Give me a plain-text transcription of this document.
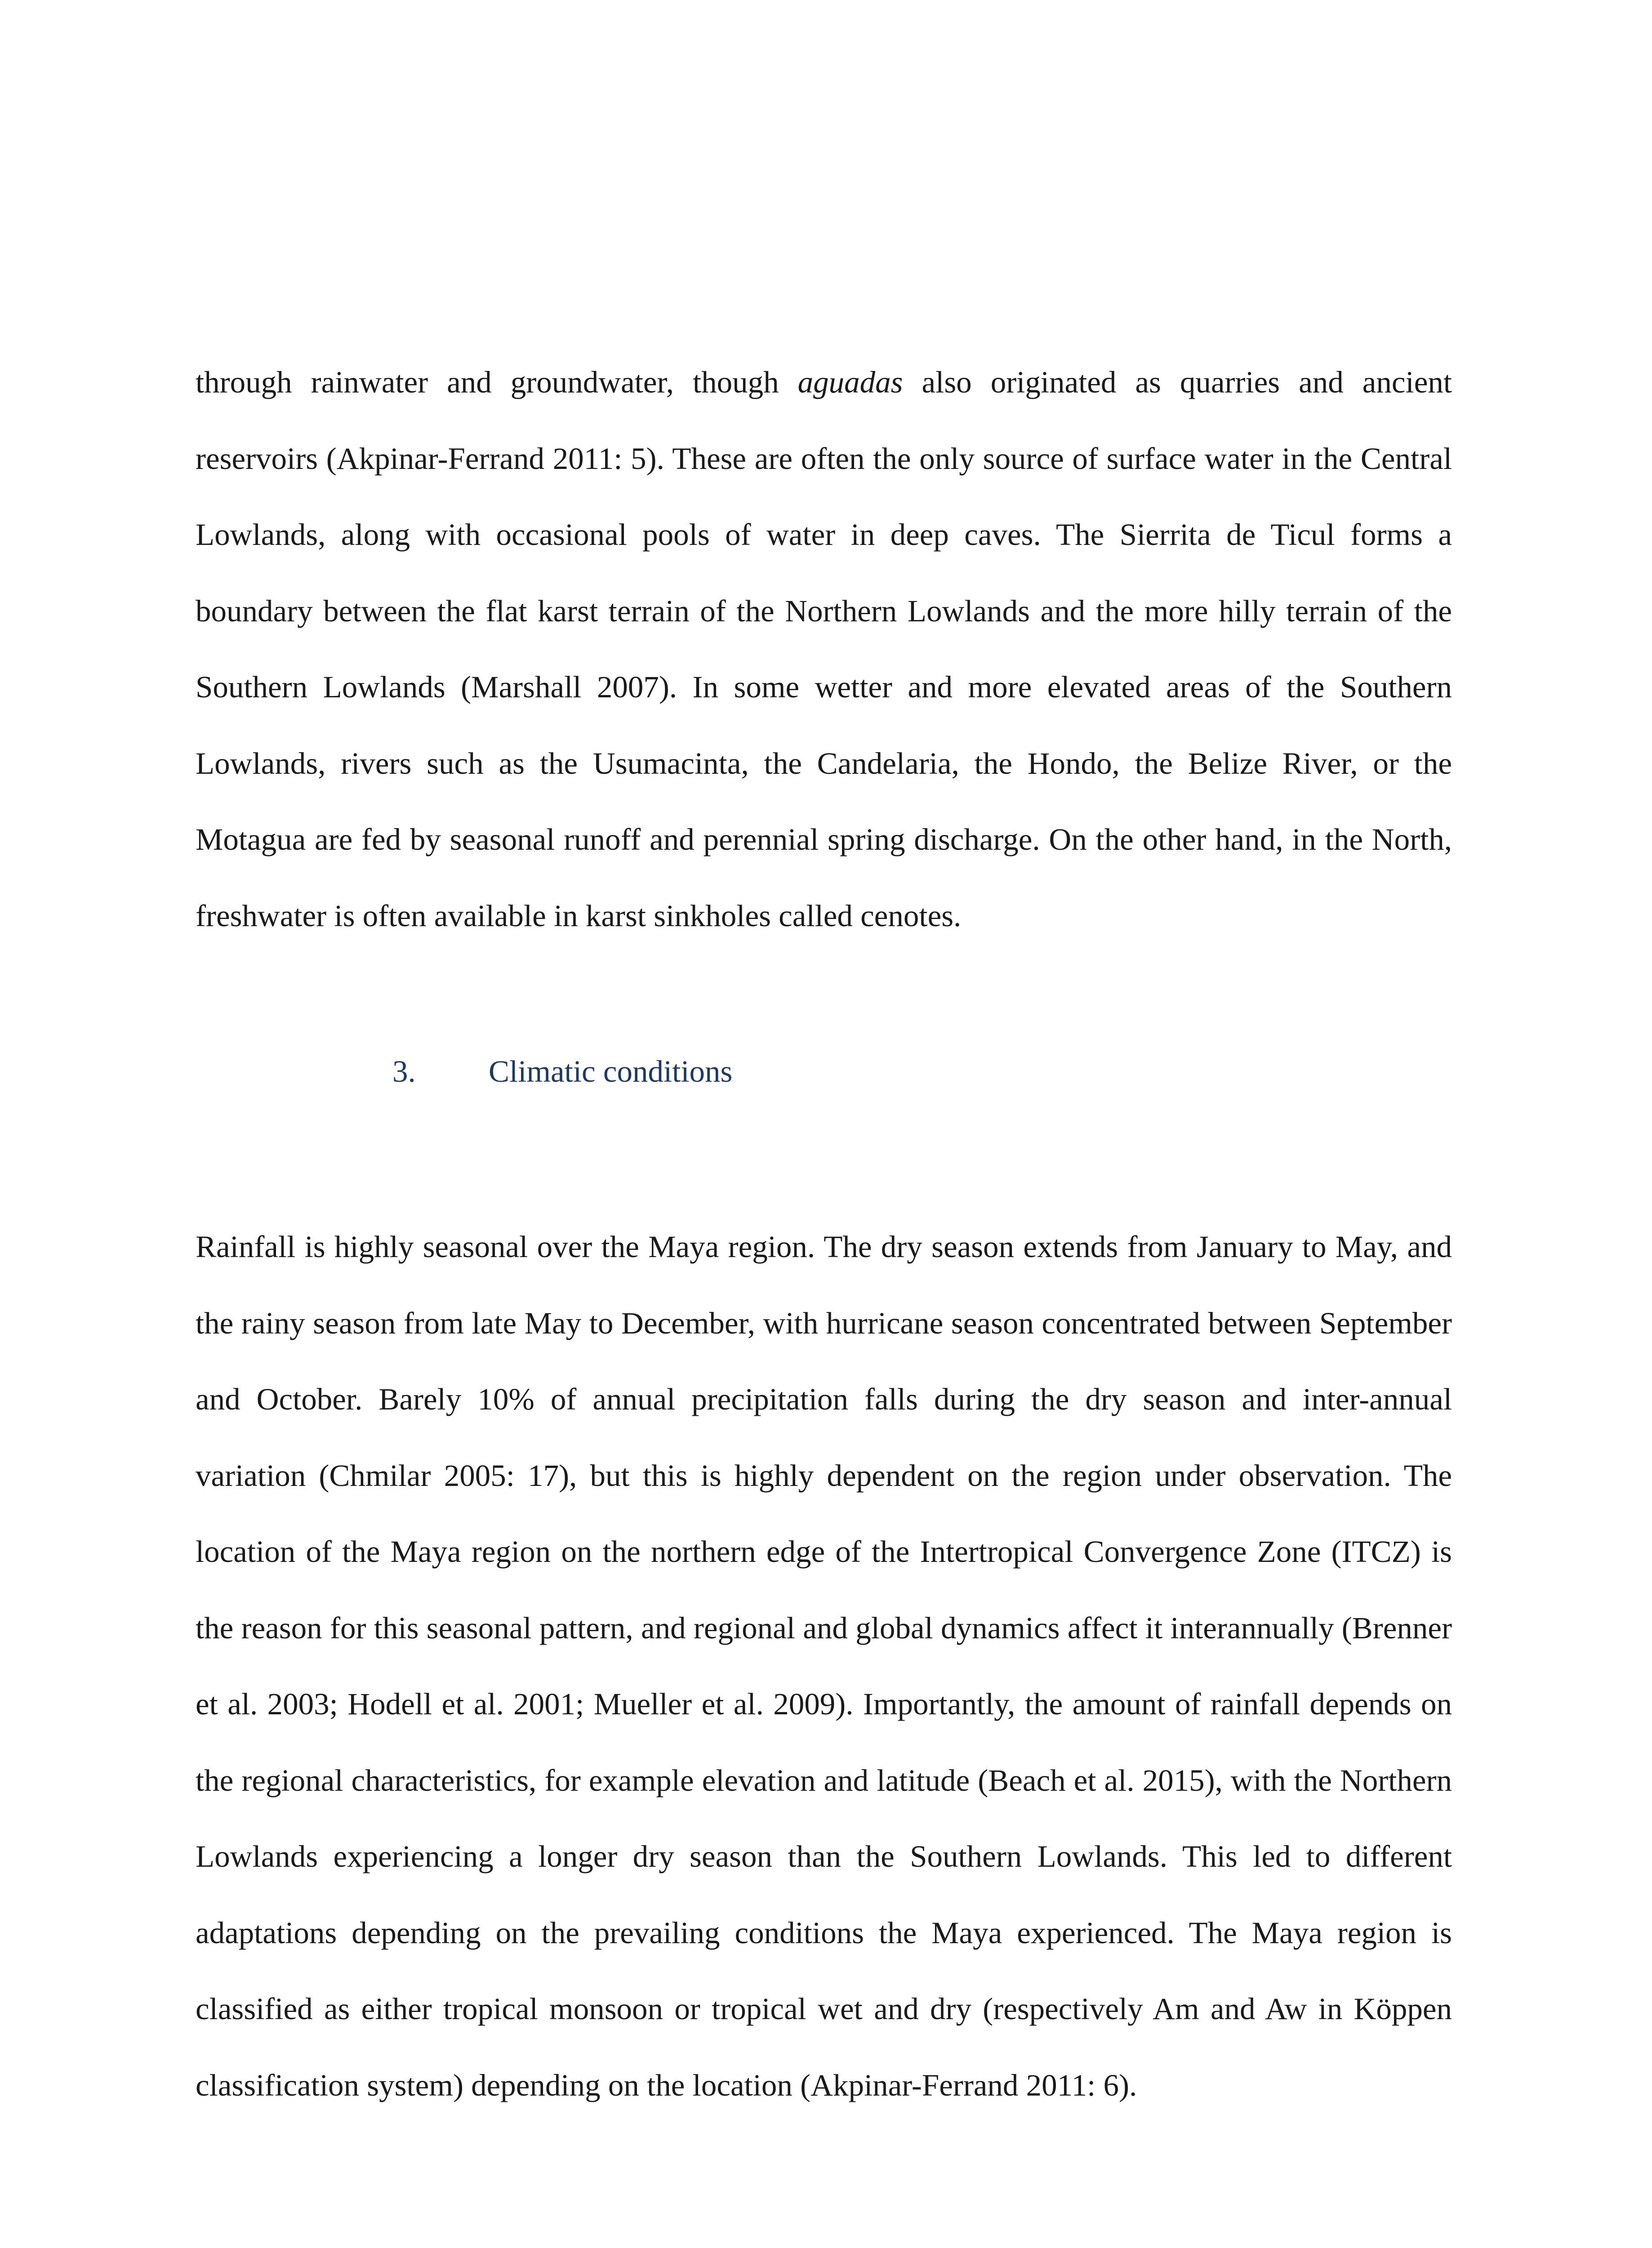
through rainwater and groundwater, though aguadas also originated as quarries and ancient reservoirs (Akpinar-Ferrand 2011: 5). These are often the only source of surface water in the Central Lowlands, along with occasional pools of water in deep caves. The Sierrita de Ticul forms a boundary between the flat karst terrain of the Northern Lowlands and the more hilly terrain of the Southern Lowlands (Marshall 2007). In some wetter and more elevated areas of the Southern Lowlands, rivers such as the Usumacinta, the Candelaria, the Hondo, the Belize River, or the Motagua are fed by seasonal runoff and perennial spring discharge. On the other hand, in the North, freshwater is often available in karst sinkholes called cenotes.

3. Climatic conditions

Rainfall is highly seasonal over the Maya region. The dry season extends from January to May, and the rainy season from late May to December, with hurricane season concentrated between September and October. Barely 10% of annual precipitation falls during the dry season and inter-annual variation (Chmilar 2005: 17), but this is highly dependent on the region under observation. The location of the Maya region on the northern edge of the Intertropical Convergence Zone (ITCZ) is the reason for this seasonal pattern, and regional and global dynamics affect it interannually (Brenner et al. 2003; Hodell et al. 2001; Mueller et al. 2009). Importantly, the amount of rainfall depends on the regional characteristics, for example elevation and latitude (Beach et al. 2015), with the Northern Lowlands experiencing a longer dry season than the Southern Lowlands. This led to different adaptations depending on the prevailing conditions the Maya experienced. The Maya region is classified as either tropical monsoon or tropical wet and dry (respectively Am and Aw in Köppen classification system) depending on the location (Akpinar-Ferrand 2011: 6).
